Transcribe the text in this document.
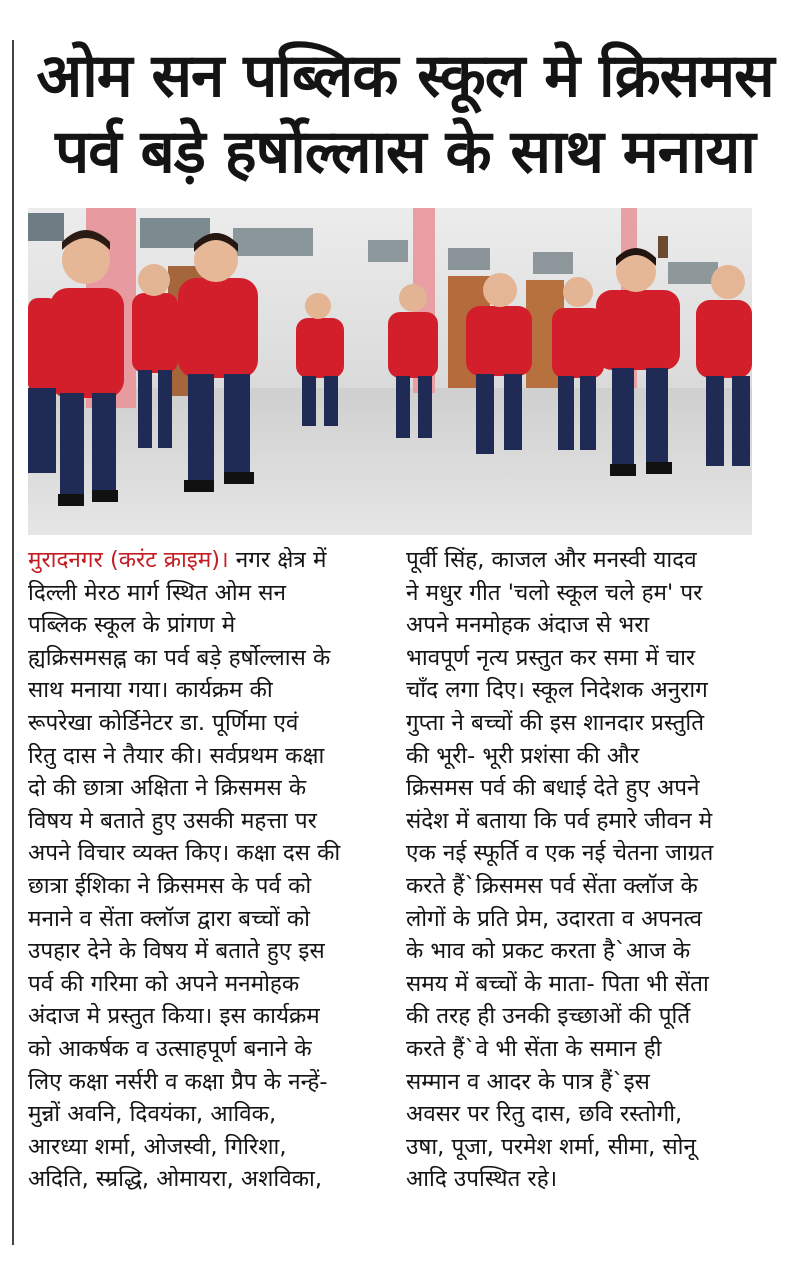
ओम सन पब्लिक स्कूल मे क्रिसमस
पर्व बड़े हर्षोल्लास के साथ मनाया
मुरादनगर (करंट क्राइम)। नगर क्षेत्र में
दिल्ली मेरठ मार्ग स्थित ओम सन
पब्लिक स्कूल के प्रांगण मे
ह्यक्रिसमसह्न का पर्व बड़े हर्षोल्लास के
साथ मनाया गया। कार्यक्रम की
रूपरेखा कोर्डिनेटर डा. पूर्णिमा एवं
रितु दास ने तैयार की। सर्वप्रथम कक्षा
दो की छात्रा अक्षिता ने क्रिसमस के
विषय मे बताते हुए उसकी महत्ता पर
अपने विचार व्यक्त किए। कक्षा दस की
छात्रा ईशिका ने क्रिसमस के पर्व को
मनाने व सेंता क्लॉज द्वारा बच्चों को
उपहार देने के विषय में बताते हुए इस
पर्व की गरिमा को अपने मनमोहक
अंदाज मे प्रस्तुत किया। इस कार्यक्रम
को आकर्षक व उत्साहपूर्ण बनाने के
लिए कक्षा नर्सरी व कक्षा प्रैप के नन्हें-
मुन्नों अवनि, दिवयंका, आविक,
आरध्या शर्मा, ओजस्वी, गिरिशा,
अदिति, स्म्रद्धि, ओमायरा, अशविका,
पूर्वी सिंह, काजल और मनस्वी यादव
ने मधुर गीत 'चलो स्कूल चले हम' पर
अपने मनमोहक अंदाज से भरा
भावपूर्ण नृत्य प्रस्तुत कर समा में चार
चाँद लगा दिए। स्कूल निदेशक अनुराग
गुप्ता ने बच्चों की इस शानदार प्रस्तुति
की भूरी- भूरी प्रशंसा की और
क्रिसमस पर्व की बधाई देते हुए अपने
संदेश में बताया कि पर्व हमारे जीवन मे
एक नई स्फूर्ति व एक नई चेतना जाग्रत
करते हैं`क्रिसमस पर्व सेंता क्लॉज के
लोगों के प्रति प्रेम, उदारता व अपनत्व
के भाव को प्रकट करता है`आज के
समय में बच्चों के माता- पिता भी सेंता
की तरह ही उनकी इच्छाओं की पूर्ति
करते हैं`वे भी सेंता के समान ही
सम्मान व आदर के पात्र हैं`इस
अवसर पर रितु दास, छवि रस्तोगी,
उषा, पूजा, परमेश शर्मा, सीमा, सोनू
आदि उपस्थित रहे।
